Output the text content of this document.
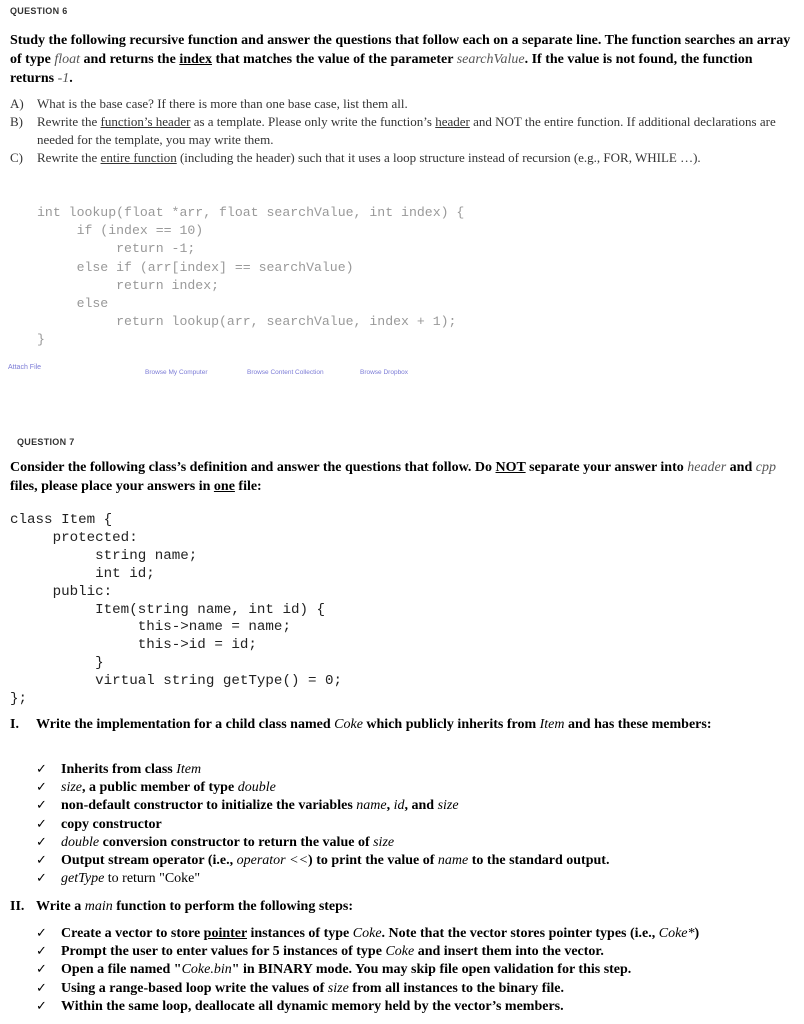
QUESTION 6
Study the following recursive function and answer the questions that follow each on a separate line. The function searches an array of type float and returns the index that matches the value of the parameter searchValue. If the value is not found, the function returns -1.
A) What is the base case? If there is more than one base case, list them all.
B) Rewrite the function’s header as a template. Please only write the function’s header and NOT the entire function. If additional declarations are needed for the template, you may write them.
C) Rewrite the entire function (including the header) such that it uses a loop structure instead of recursion (e.g., FOR, WHILE …).
int lookup(float *arr, float searchValue, int index) {
if (index == 10)
return -1;
else if (arr[index] == searchValue)
return index;
else
return lookup(arr, searchValue, index + 1);
}
Attach File
Browse My Computer	Browse Content Collection	Browse Dropbox
QUESTION 7
Consider the following class’s definition and answer the questions that follow. Do NOT separate your answer into header and cpp files, please place your answers in one file:
class Item {
protected:
string name;
int id;
public:
Item(string name, int id) {
this->name = name;
this->id = id;
}
virtual string getType() = 0;
};
I. Write the implementation for a child class named Coke which publicly inherits from Item and has these members:
✓ Inherits from class Item
✓ size, a public member of type double
✓ non-default constructor to initialize the variables name, id, and size
✓ copy constructor
✓ double conversion constructor to return the value of size
✓ Output stream operator (i.e., operator <<) to print the value of name to the standard output.
✓ getType to return "Coke"
II. Write a main function to perform the following steps:
✓ Create a vector to store pointer instances of type Coke. Note that the vector stores pointer types (i.e., Coke*)
✓ Prompt the user to enter values for 5 instances of type Coke and insert them into the vector.
✓ Open a file named "Coke.bin" in BINARY mode. You may skip file open validation for this step.
✓ Using a range-based loop write the values of size from all instances to the binary file.
✓ Within the same loop, deallocate all dynamic memory held by the vector’s members.
